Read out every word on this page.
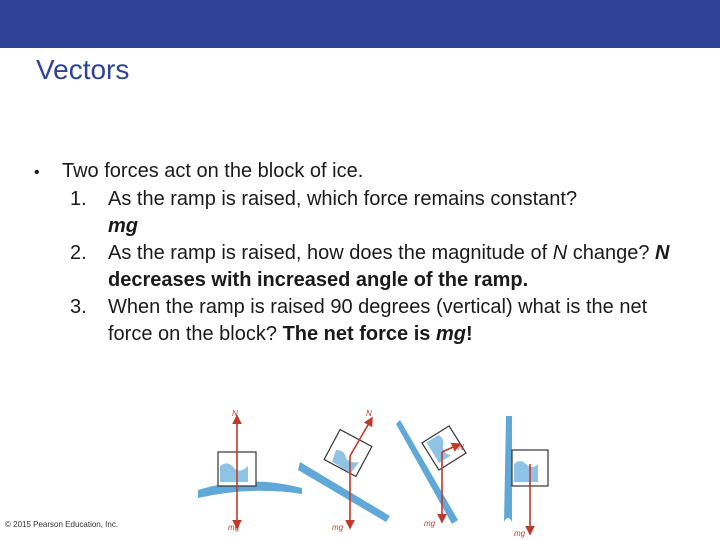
Vectors
•	Two forces act on the block of ice.
1.	As the ramp is raised, which force remains constant?
mg
2.	As the ramp is raised, how does the magnitude of N change? N decreases with increased angle of the ramp.
3.	When the ramp is raised 90 degrees (vertical) what is the net force on the block? The net force is mg!
© 2015 Pearson Education, Inc.
N
mg
N
mg
N
mg
mg
